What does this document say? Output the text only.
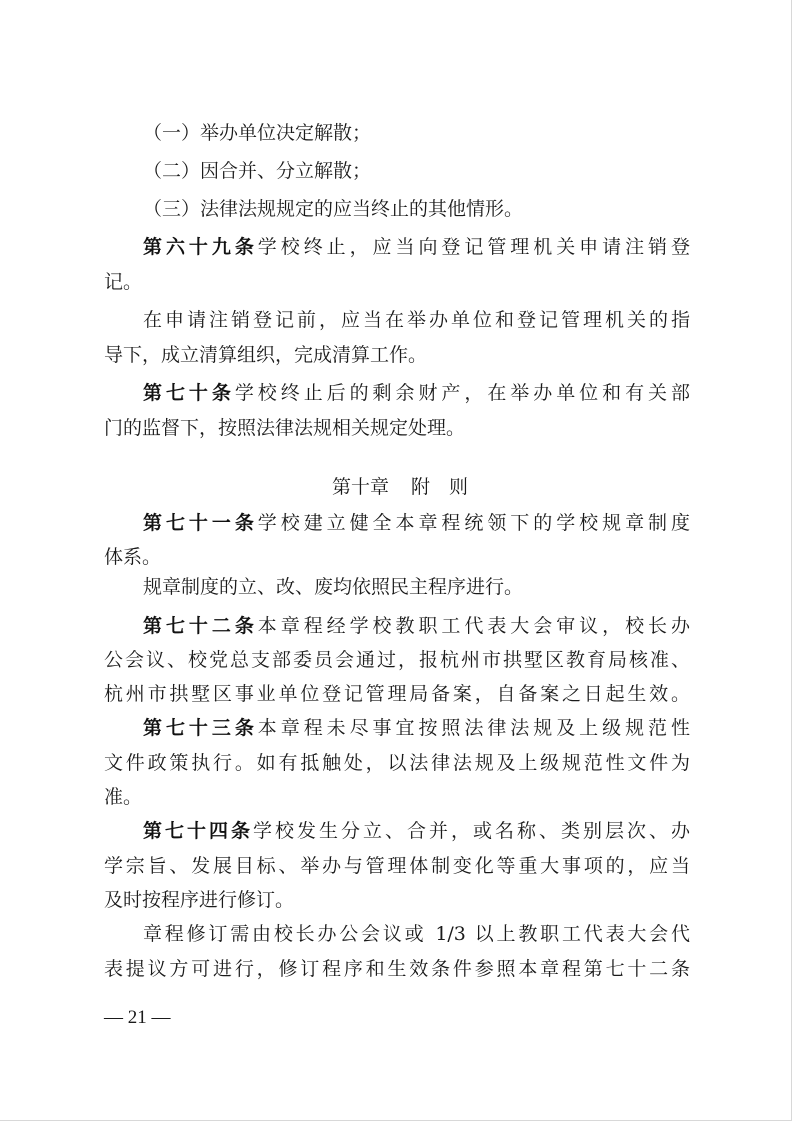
（一）举办单位决定解散；
（二）因合并、分立解散；
（三）法律法规规定的应当终止的其他情形。
第六十九条学校终止，应当向登记管理机关申请注销登
记。
在申请注销登记前，应当在举办单位和登记管理机关的指
导下，成立清算组织，完成清算工作。
第七十条学校终止后的剩余财产，在举办单位和有关部
门的监督下，按照法律法规相关规定处理。
第十章 附　则
第七十一条学校建立健全本章程统领下的学校规章制度
体系。
规章制度的立、改、废均依照民主程序进行。
第七十二条本章程经学校教职工代表大会审议，校长办
公会议、校党总支部委员会通过，报杭州市拱墅区教育局核准、
杭州市拱墅区事业单位登记管理局备案，自备案之日起生效。
第七十三条本章程未尽事宜按照法律法规及上级规范性
文件政策执行。如有抵触处，以法律法规及上级规范性文件为
准。
第七十四条学校发生分立、合并，或名称、类别层次、办
学宗旨、发展目标、举办与管理体制变化等重大事项的，应当
及时按程序进行修订。
章程修订需由校长办公会议或 1/3 以上教职工代表大会代
表提议方可进行，修订程序和生效条件参照本章程第七十二条
— 21 —
